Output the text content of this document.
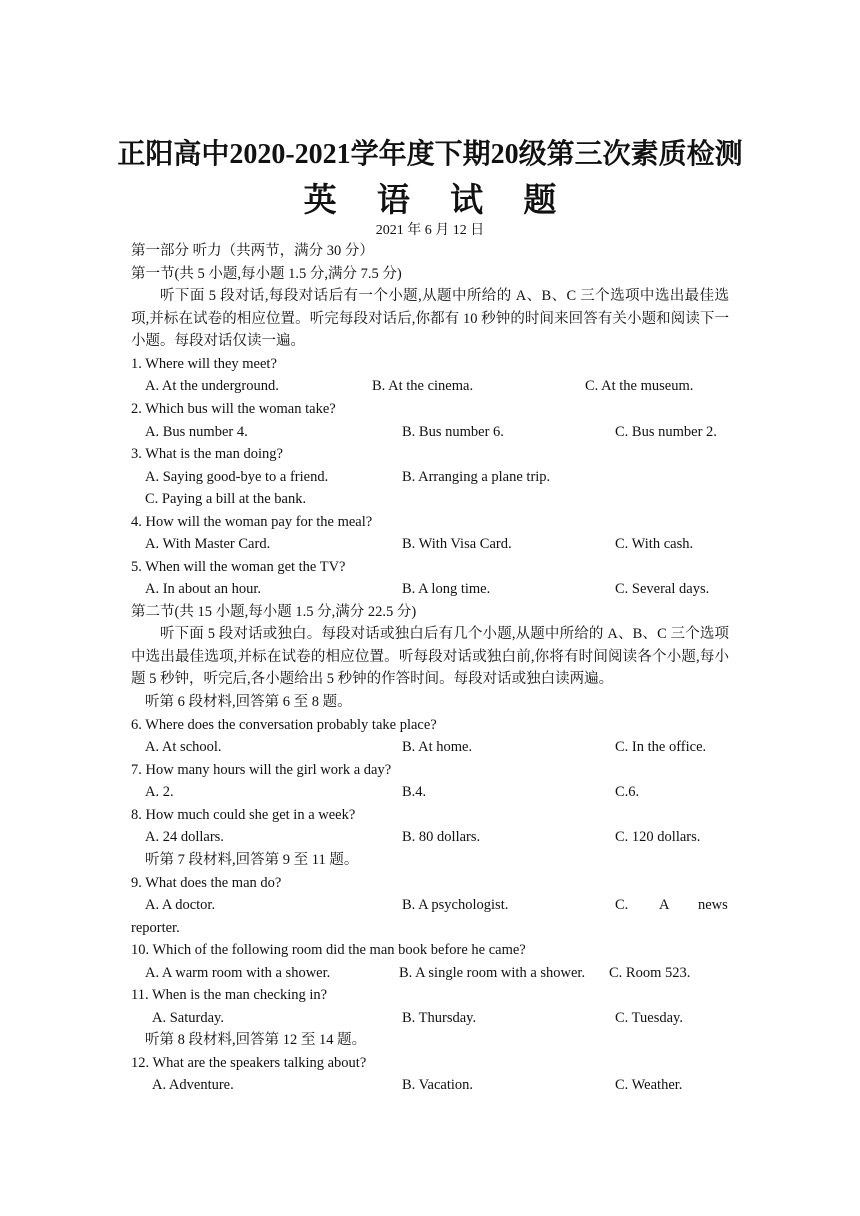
正阳高中2020-2021学年度下期20级第三次素质检测
英 语 试 题
2021 年 6 月 12 日
第一部分 听力（共两节，满分 30 分）
第一节(共 5 小题,每小题 1.5 分,满分 7.5 分)
听下面 5 段对话,每段对话后有一个小题,从题中所给的 A、B、C 三个选项中选出最佳选项,并标在试卷的相应位置。听完每段对话后,你都有 10 秒钟的时间来回答有关小题和阅读下一小题。每段对话仅读一遍。
1. Where will they meet?
A. At the underground.	B. At the cinema.	C. At the museum.
2. Which bus will the woman take?
A. Bus number 4.	B. Bus number 6.	C. Bus number 2.
3. What is the man doing?
A. Saying good-bye to a friend.	B. Arranging a plane trip.
C. Paying a bill at the bank.
4. How will the woman pay for the meal?
A. With Master Card.	B. With Visa Card.	C. With cash.
5. When will the woman get the TV?
A. In about an hour.	B. A long time.	C. Several days.
第二节(共 15 小题,每小题 1.5 分,满分 22.5 分)
听下面 5 段对话或独白。每段对话或独白后有几个小题,从题中所给的 A、B、C 三个选项中选出最佳选项,并标在试卷的相应位置。听每段对话或独白前,你将有时间阅读各个小题,每小题 5 秒钟，听完后,各小题给出 5 秒钟的作答时间。每段对话或独白读两遍。
听第 6 段材料,回答第 6 至 8 题。
6. Where does the conversation probably take place?
A. At school.	B. At home.	C. In the office.
7. How many hours will the girl work a day?
A. 2.	B.4.	C.6.
8. How much could she get in a week?
A. 24 dollars.	B. 80 dollars.	C. 120 dollars.
听第 7 段材料,回答第 9 至 11 题。
9. What does the man do?
A. A doctor.	B. A psychologist.	C. A news
reporter.
10. Which of the following room did the man book before he came?
A. A warm room with a shower.	B. A single room with a shower. C. Room 523.
11. When is the man checking in?
A. Saturday.	B. Thursday.	C. Tuesday.
听第 8 段材料,回答第 12 至 14 题。
12. What are the speakers talking about?
A. Adventure.	B. Vacation.	C. Weather.
